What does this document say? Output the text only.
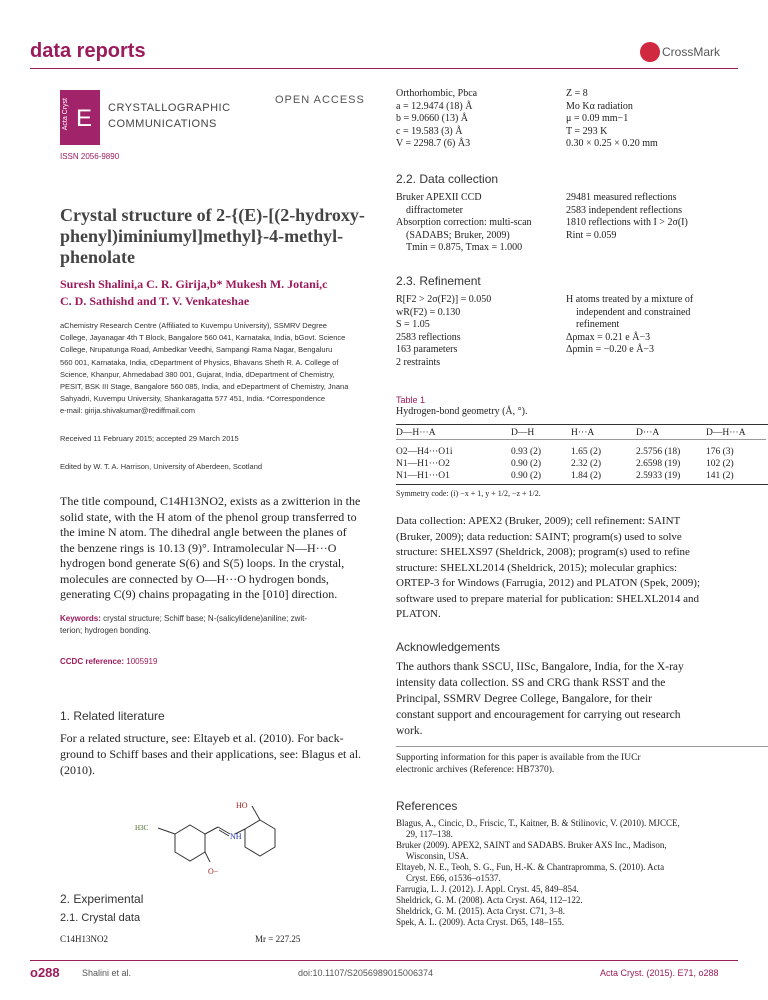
data reports	CrossMark
Acta Cryst E CRYSTALLOGRAPHIC
COMMUNICATIONS
OPEN ACCESS
ISSN 2056-9890
Crystal structure of 2-{(E)-[(2-hydroxy-
phenyl)iminiumyl]methyl}-4-methyl-
phenolate
Suresh Shalini,a C. R. Girija,b* Mukesh M. Jotani,c
C. D. Sathishd and T. V. Venkateshae
aChemistry Research Centre (Affiliated to Kuvempu University), SSMRV Degree
College, Jayanagar 4th T Block, Bangalore 560 041, Karnataka, India, bGovt. Science
College, Nrupatunga Road, Ambedkar Veedhi, Sampangi Rama Nagar, Bengaluru
560 001, Karnataka, India, cDepartment of Physics, Bhavans Sheth R. A. College of
Science, Khanpur, Ahmedabad 380 001, Gujarat, India, dDepartment of Chemistry,
PESIT, BSK III Stage, Bangalore 560 085, India, and eDepartment of Chemistry, Jnana
Sahyadri, Kuvempu University, Shankaragatta 577 451, India. *Correspondence
e-mail: girija.shivakumar@rediffmail.com
Received 11 February 2015; accepted 29 March 2015
Edited by W. T. A. Harrison, University of Aberdeen, Scotland
The title compound, C14H13NO2, exists as a zwitterion in the
solid state, with the H atom of the phenol group transferred to
the imine N atom. The dihedral angle between the planes of
the benzene rings is 10.13 (9)°. Intramolecular N—H···O
hydrogen bond generate S(6) and S(5) loops. In the crystal,
molecules are connected by O—H···O hydrogen bonds,
generating C(9) chains propagating in the [010] direction.
Keywords: crystal structure; Schiff base; N-(salicylidene)aniline; zwit-
terion; hydrogen bonding.
CCDC reference: 1005919
1. Related literature
For a related structure, see: Eltayeb et al. (2010). For back-
ground to Schiff bases and their applications, see: Blagus et al.
(2010).
HO
H3C
NH
O−
2. Experimental
2.1. Crystal data
C14H13NO2	Mr = 227.25
Orthorhombic, Pbca
a = 12.9474 (18) Å
b = 9.0660 (13) Å
c = 19.583 (3) Å
V = 2298.7 (6) Å3
Z = 8
Mo Kα radiation
μ = 0.09 mm−1
T = 293 K
0.30 × 0.25 × 0.20 mm
2.2. Data collection
Bruker APEXII CCD
diffractometer
Absorption correction: multi-scan
(SADABS; Bruker, 2009)
Tmin = 0.875, Tmax = 1.000
29481 measured reflections
2583 independent reflections
1810 reflections with I > 2σ(I)
Rint = 0.059
2.3. Refinement
R[F2 > 2σ(F2)] = 0.050
wR(F2) = 0.130
S = 1.05
2583 reflections
163 parameters
2 restraints
H atoms treated by a mixture of
independent and constrained
refinement
Δρmax = 0.21 e Å−3
Δρmin = −0.20 e Å−3
Table 1
Hydrogen-bond geometry (Å, °).
D—H···A	D—H	H···A	D···A	D—H···A

O2—H4···O1i	0.93 (2)	1.65 (2)	2.5756 (18)	176 (3)
N1—H1···O2	0.90 (2)	2.32 (2)	2.6598 (19)	102 (2)
N1—H1···O1	0.90 (2)	1.84 (2)	2.5933 (19)	141 (2)
Symmetry code: (i) −x + 1, y + 1/2, −z + 1/2.
Data collection: APEX2 (Bruker, 2009); cell refinement: SAINT
(Bruker, 2009); data reduction: SAINT; program(s) used to solve
structure: SHELXS97 (Sheldrick, 2008); program(s) used to refine
structure: SHELXL2014 (Sheldrick, 2015); molecular graphics:
ORTEP-3 for Windows (Farrugia, 2012) and PLATON (Spek, 2009);
software used to prepare material for publication: SHELXL2014 and
PLATON.
Acknowledgements
The authors thank SSCU, IISc, Bangalore, India, for the X-ray
intensity data collection. SS and CRG thank RSST and the
Principal, SSMRV Degree College, Bangalore, for their
constant support and encouragement for carrying out research
work.
Supporting information for this paper is available from the IUCr
electronic archives (Reference: HB7370).
References
Blagus, A., Cincic, D., Friscic, T., Kaitner, B. & Stilinovic, V. (2010). MJCCE,
29, 117–138.
Bruker (2009). APEX2, SAINT and SADABS. Bruker AXS Inc., Madison,
Wisconsin, USA.
Eltayeb, N. E., Teoh, S. G., Fun, H.-K. & Chantrapromma, S. (2010). Acta
Cryst. E66, o1536–o1537.
Farrugia, L. J. (2012). J. Appl. Cryst. 45, 849–854.
Sheldrick, G. M. (2008). Acta Cryst. A64, 112–122.
Sheldrick, G. M. (2015). Acta Cryst. C71, 3–8.
Spek, A. L. (2009). Acta Cryst. D65, 148–155.
o288 Shalini et al.	doi:10.1107/S2056989015006374	Acta Cryst. (2015). E71, o288
